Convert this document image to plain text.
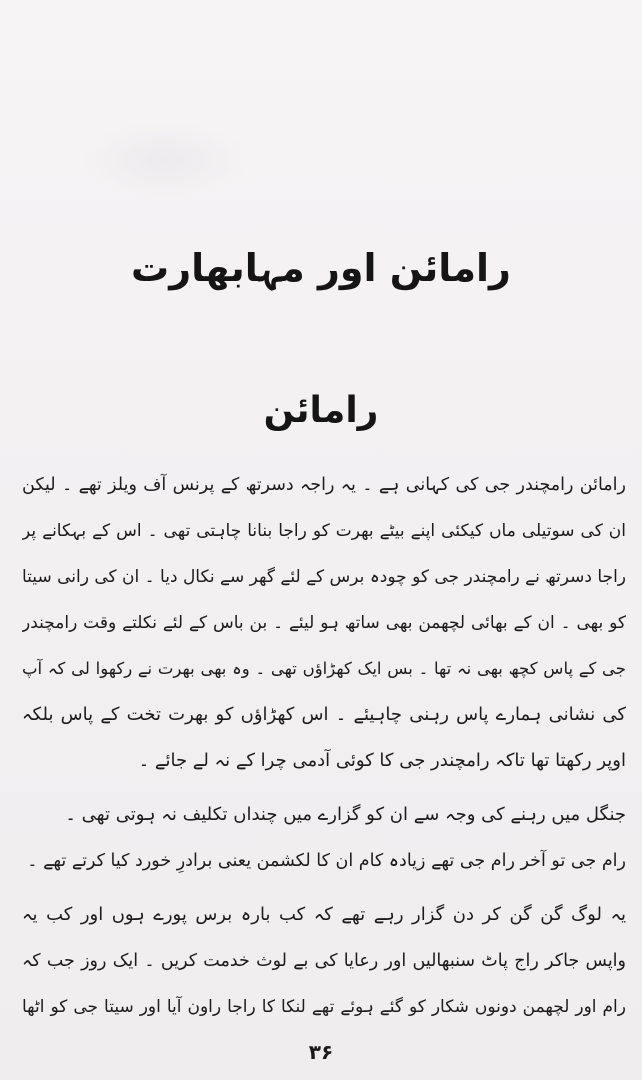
رامائن اور مہابھارت
رامائن
رامائن رامچندر جی کی کہانی ہے ۔ یہ راجہ دسرتھ کے پرنس آف ویلز تھے ۔ لیکن
ان کی سوتیلی ماں کیکئی اپنے بیٹے بھرت کو راجا بنانا چاہتی تھی ۔ اس کے بہکانے پر
راجا دسرتھ نے رامچندر جی کو چودہ برس کے لئے گھر سے نکال دیا ۔ ان کی رانی سیتا
کو بھی ۔ ان کے بھائی لچھمن بھی ساتھ ہو لیئے ۔ بن باس کے لئے نکلتے وقت رامچندر
جی کے پاس کچھ بھی نہ تھا ۔ بس ایک کھڑاؤں تھی ۔ وہ بھی بھرت نے رکھوا لی کہ آپ
کی نشانی ہمارے پاس رہنی چاہیئے ۔ اس کھڑاؤں کو بھرت تخت کے پاس بلکہ
اوپر رکھتا تھا تاکہ رامچندر جی کا کوئی آدمی چرا کے نہ لے جائے ۔
جنگل میں رہنے کی وجہ سے ان کو گزارے میں چنداں تکلیف نہ ہوتی تھی ۔
رام جی تو آخر رام جی تھے زیادہ کام ان کا لکشمن یعنی برادرِ خورد کیا کرتے تھے ۔
یہ لوگ گن گن کر دن گزار رہے تھے کہ کب بارہ برس پورے ہوں اور کب یہ
واپس جاکر راج پاٹ سنبھالیں اور رعایا کی بے لوث خدمت کریں ۔ ایک روز جب کہ
رام اور لچھمن دونوں شکار کو گئے ہوئے تھے لنکا کا راجا راون آیا اور سیتا جی کو اٹھا
۳۶
